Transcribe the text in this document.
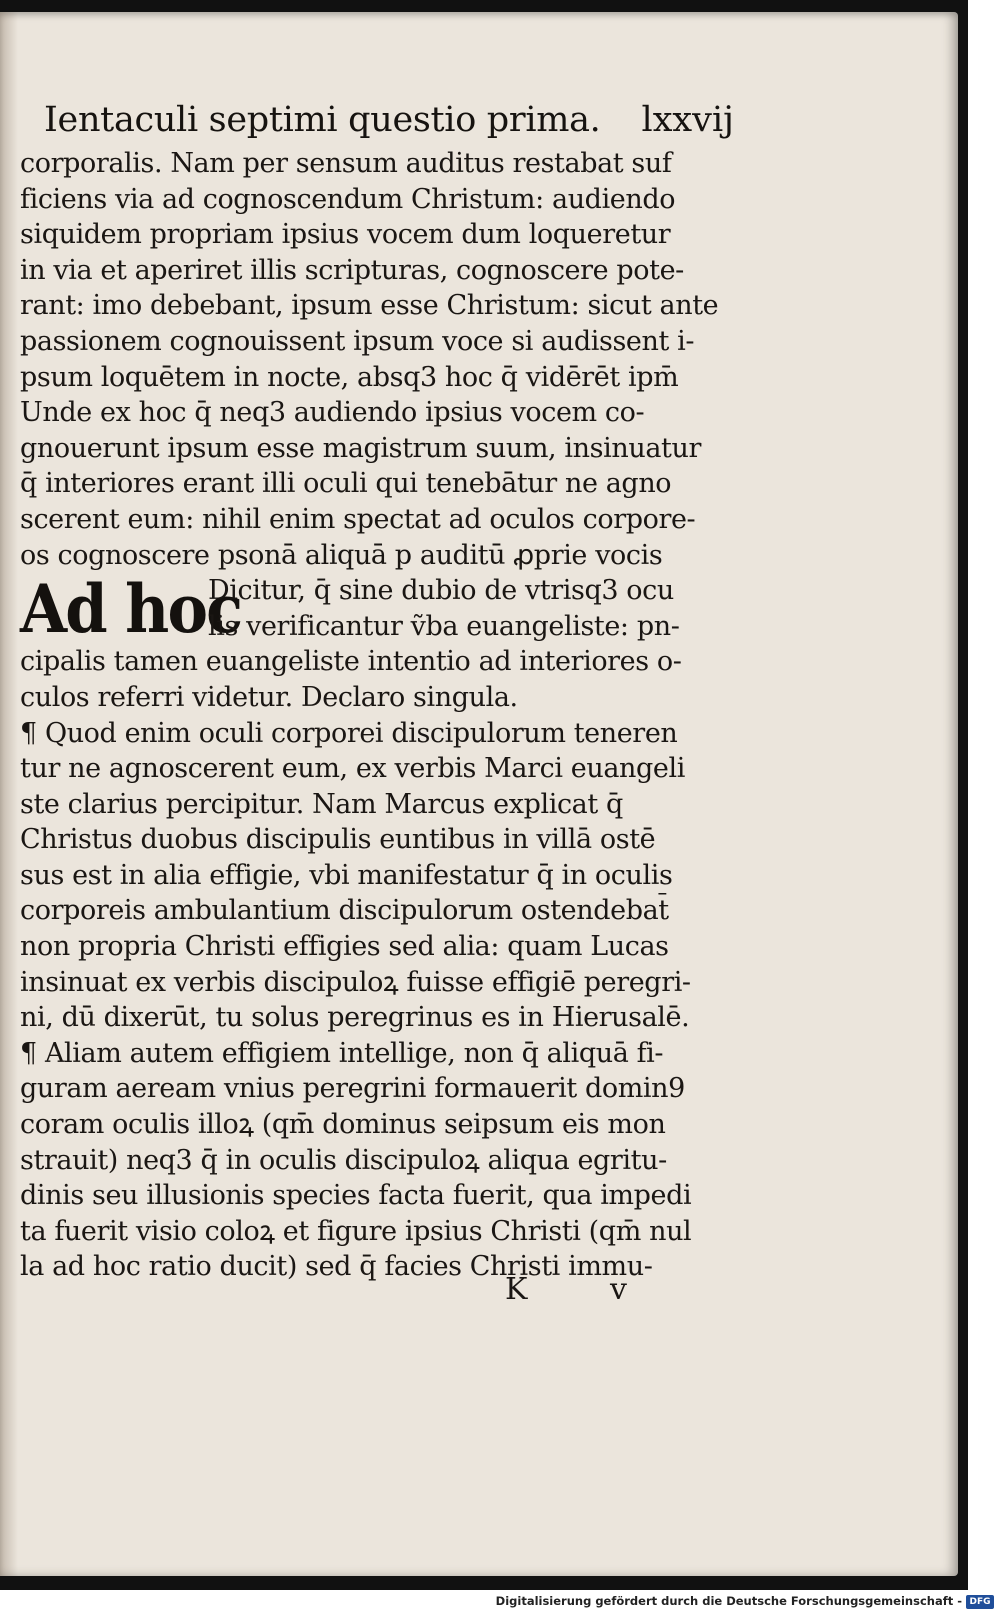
Ientaculi septimi questio prima. lxxvij
Ad hoc
corporalis. Nam per sensum auditus restabat suf
ficiens via ad cognoscendum Christum: audiendo
siquidem propriam ipsius vocem dum loqueretur
in via et aperiret illis scripturas, cognoscere pote-
rant: imo debebant, ipsum esse Christum: sicut ante
passionem cognouissent ipsum voce si audissent i-
psum loquētem in nocte, absq3 hoc q̄ vidērēt ipm̄
Unde ex hoc q̄ neq3 audiendo ipsius vocem co-
gnouerunt ipsum esse magistrum suum, insinuatur
q̄ interiores erant illi oculi qui tenebātur ne agno
scerent eum: nihil enim spectat ad oculos corpore-
os cognoscere psonā aliquā p auditū ꝓprie vocis
Dicitur, q̄ sine dubio de vtrisq3 ocu
lis verificantur ṽba euangeliste: pn-
cipalis tamen euangeliste intentio ad interiores o-
culos referri videtur. Declaro singula.
¶ Quod enim oculi corporei discipulorum teneren
tur ne agnoscerent eum, ex verbis Marci euangeli
ste clarius percipitur. Nam Marcus explicat q̄
Christus duobus discipulis euntibus in villā ostē
sus est in alia effigie, vbi manifestatur q̄ in oculis
corporeis ambulantium discipulorum ostendebat̄
non propria Christi effigies sed alia: quam Lucas
insinuat ex verbis discipuloꝝ fuisse effigiē peregri-
ni, dū dixerūt, tu solus peregrinus es in Hierusalē.
¶ Aliam autem effigiem intellige, non q̄ aliquā fi-
guram aeream vnius peregrini formauerit domin9
coram oculis illoꝝ (qm̄ dominus seipsum eis mon
strauit) neq3 q̄ in oculis discipuloꝝ aliqua egritu-
dinis seu illusionis species facta fuerit, qua impedi
ta fuerit visio coloꝝ et figure ipsius Christi (qm̄ nul
la ad hoc ratio ducit) sed q̄ facies Christi immu-
K	v
Digitalisierung gefördert durch die Deutsche Forschungsgemeinschaft - DFG
